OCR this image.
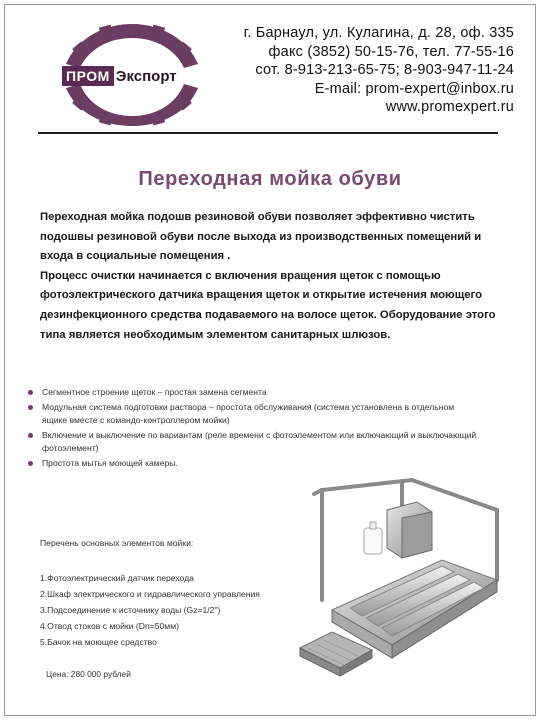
ПРОМ Экспорт
г. Барнаул, ул. Кулагина, д. 28, оф. 335
факс (3852) 50-15-76, тел. 77-55-16
сот. 8-913-213-65-75; 8-903-947-11-24
E-mail: prom-expert@inbox.ru
www.promexpert.ru
Переходная мойка обуви

Переходная мойка подошв резиновой обуви позволяет эффективно чистить подошвы резиновой обуви после выхода из производственных помещений и входа в социальные помещения .

Процесс очистки начинается с включения вращения щеток с помощью фотоэлектрического датчика вращения щеток и открытие истечения моющего дезинфекционного средства подаваемого на волосе щеток. Оборудование этого типа является необходимым элементом санитарных шлюзов.

Сегментное строение щеток – простая замена сегмента
Модульная система подготовки раствора – простота обслуживания (система установлена в отдельном ящике вместе с командо-контроллером мойки)
Включение и выключение по вариантам (реле времени с фотоэлементом или включающий и выключающий фотоэлемент)
Простота мытья моющей камеры.
Перечень основных элементов мойки:
1.Фотоэлектрический датчик перехода
2.Шкаф электрического и гидравлического управления
3.Подсоединение к источнику воды (Gz=1/2")
4.Отвод стоков с мойки (Dn=50мм)
5.Бачок на моющее средство
Цена: 280 000 рублей
